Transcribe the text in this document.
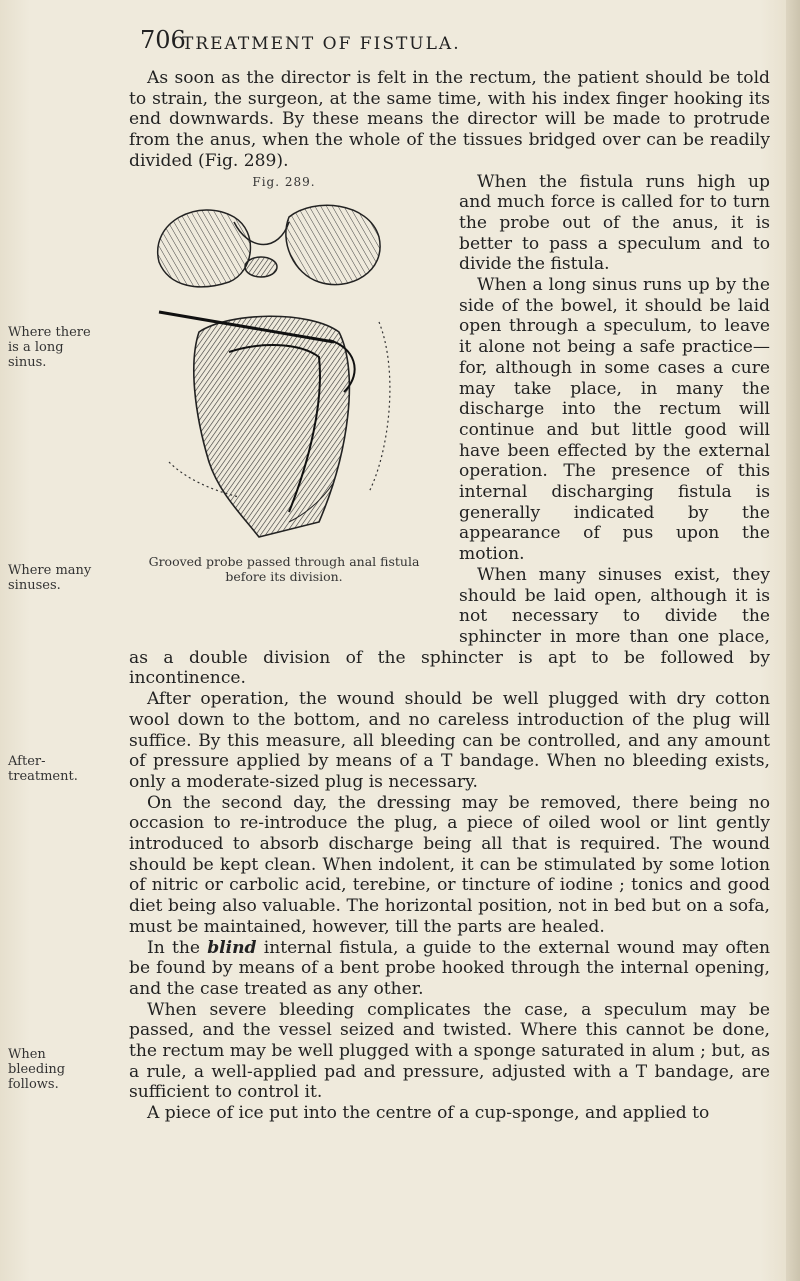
706
TREATMENT OF FISTULA.
Where there is a long sinus.
Where many sinuses.
After-treatment.
When bleeding follows.

As soon as the director is felt in the rectum, the patient should be told to strain, the surgeon, at the same time, with his index finger hooking its end downwards. By these means the director will be made to protrude from the anus, when the whole of the tissues bridged over can be readily divided (Fig. 289).

Fig. 289.
Grooved probe passed through anal fistula
before its division.

When the fistula runs high up and much force is called for to turn the probe out of the anus, it is better to pass a speculum and to divide the fistula.

When a long sinus runs up by the side of the bowel, it should be laid open through a speculum, to leave it alone not being a safe practice—for, although in some cases a cure may take place, in many the discharge into the rectum will continue and but little good will have been effected by the external operation. The presence of this internal discharging fistula is generally indicated by the appearance of pus upon the motion.

When many sinuses exist, they should be laid open, although it is not necessary to divide the sphincter in more than one place, as a double division of the sphincter is apt to be followed by incontinence.

After operation, the wound should be well plugged with dry cotton wool down to the bottom, and no careless introduction of the plug will suffice. By this measure, all bleeding can be controlled, and any amount of pressure applied by means of a T bandage. When no bleeding exists, only a moderate-sized plug is necessary.

On the second day, the dressing may be removed, there being no occasion to re-introduce the plug, a piece of oiled wool or lint gently introduced to absorb discharge being all that is required. The wound should be kept clean. When indolent, it can be stimulated by some lotion of nitric or carbolic acid, terebine, or tincture of iodine ; tonics and good diet being also valuable. The horizontal position, not in bed but on a sofa, must be maintained, however, till the parts are healed.

In the blind internal fistula, a guide to the external wound may often be found by means of a bent probe hooked through the internal opening, and the case treated as any other.

When severe bleeding complicates the case, a speculum may be passed, and the vessel seized and twisted. Where this cannot be done, the rectum may be well plugged with a sponge saturated in alum ; but, as a rule, a well-applied pad and pressure, adjusted with a T bandage, are sufficient to control it.

A piece of ice put into the centre of a cup-sponge, and applied to
